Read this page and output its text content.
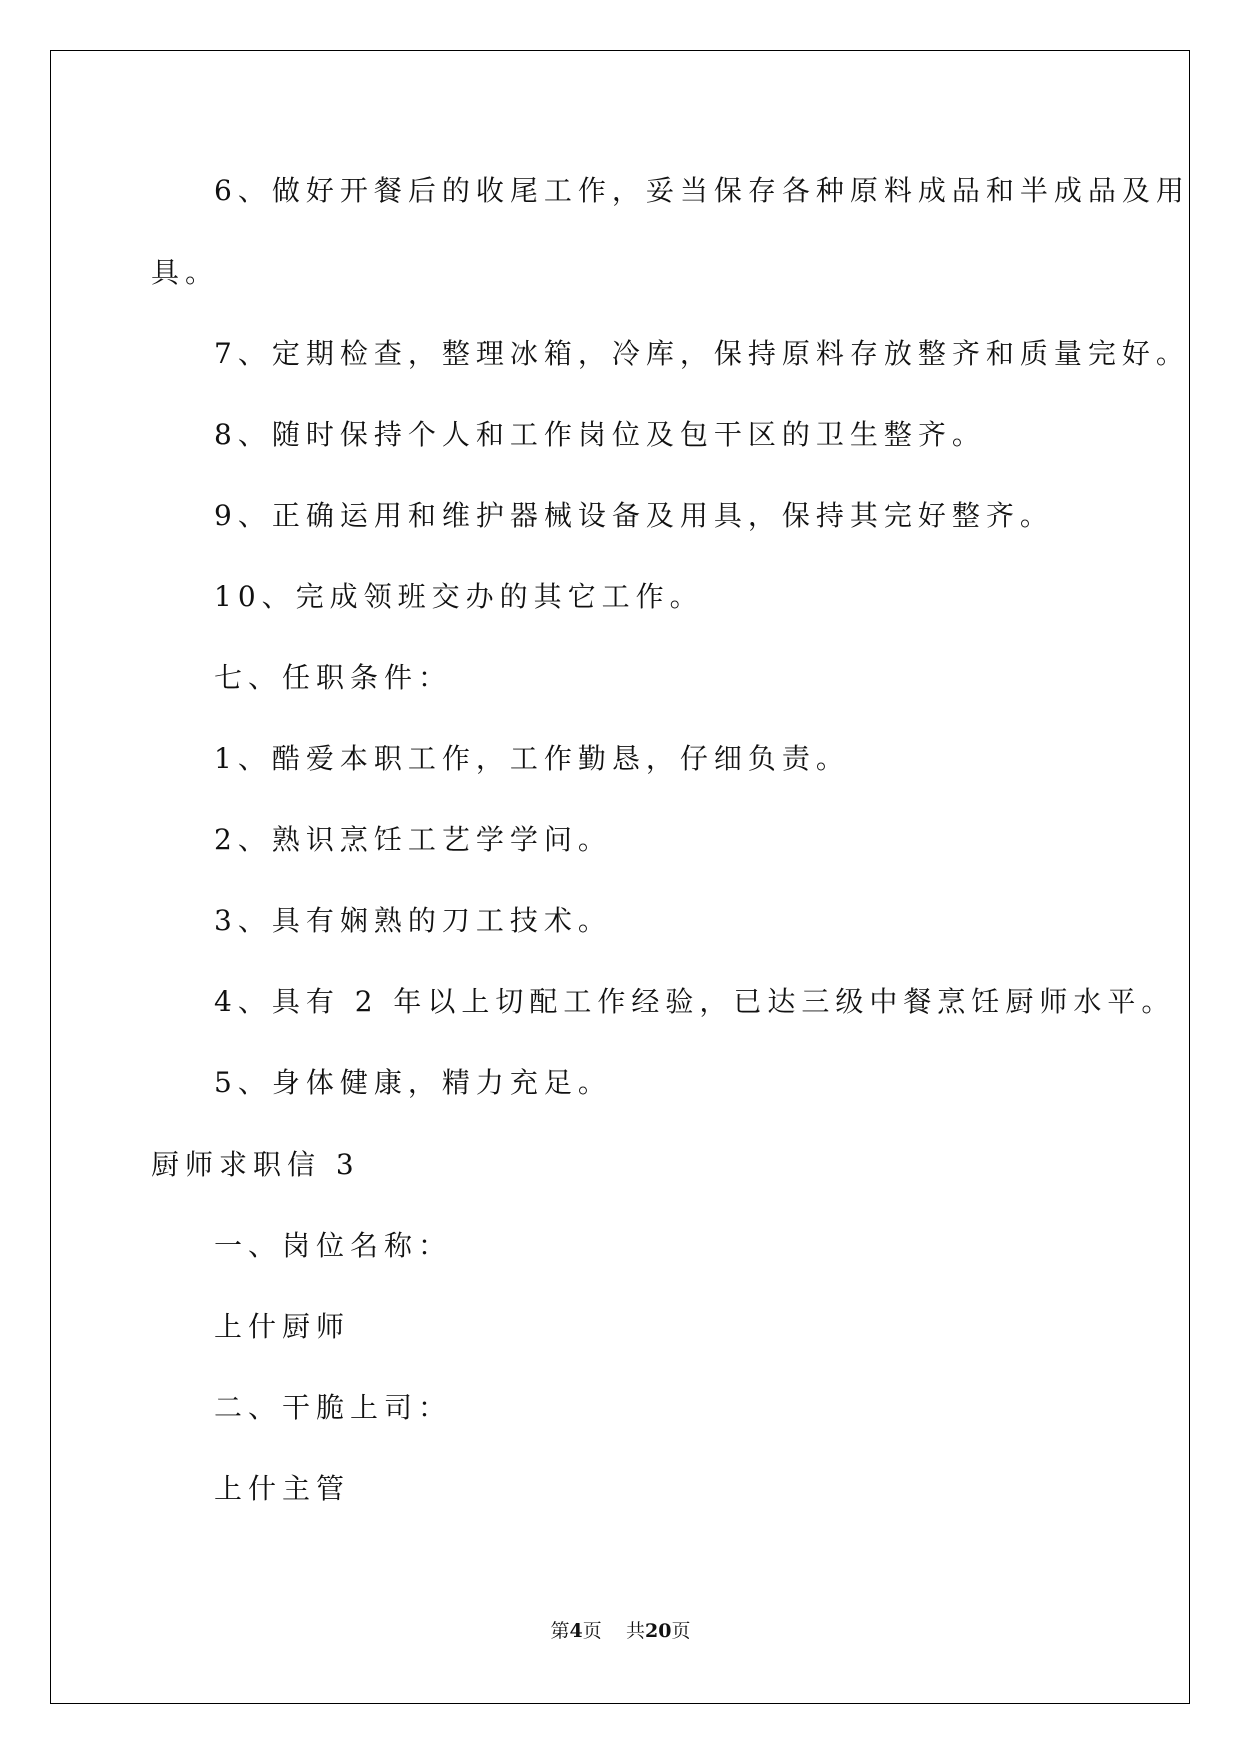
6、做好开餐后的收尾工作，妥当保存各种原料成品和半成品及用
具。
7、定期检查，整理冰箱，冷库，保持原料存放整齐和质量完好。
8、随时保持个人和工作岗位及包干区的卫生整齐。
9、正确运用和维护器械设备及用具，保持其完好整齐。
10、完成领班交办的其它工作。
七、任职条件：
1、酷爱本职工作，工作勤恳，仔细负责。
2、熟识烹饪工艺学学问。
3、具有娴熟的刀工技术。
4、具有 2 年以上切配工作经验，已达三级中餐烹饪厨师水平。
5、身体健康，精力充足。
厨师求职信 3
一、岗位名称：
上什厨师
二、干脆上司：
上什主管
第4页 共20页
